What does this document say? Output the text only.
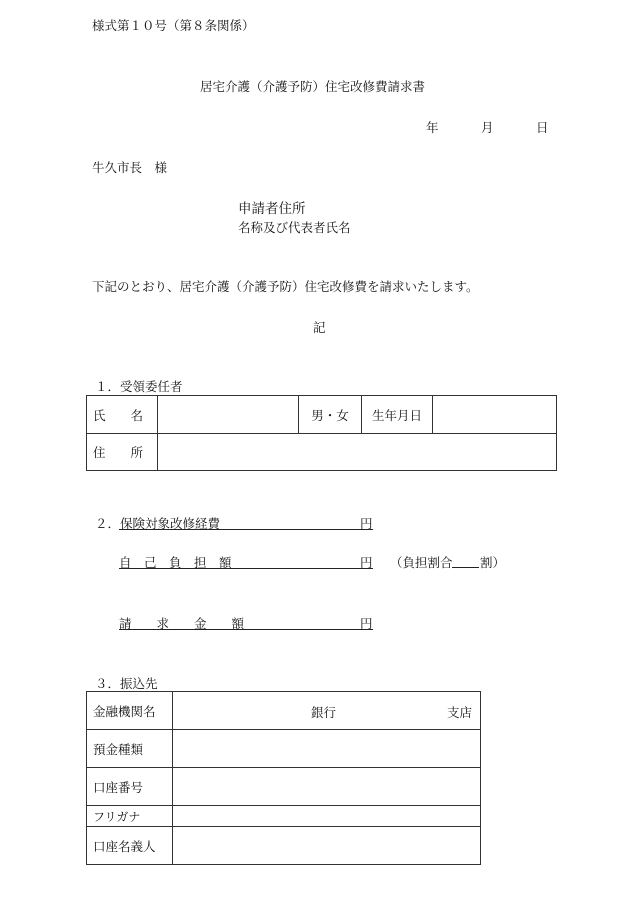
様式第１０号（第８条関係）
居宅介護（介護予防）住宅改修費請求書
年	月	日
牛久市長　様
申請者住所
名称及び代表者氏名
下記のとおり、居宅介護（介護予防）住宅改修費を請求いたします。
記
１．受領委任者
氏　　名		男・女	生年月日	
住　　所				
２．保険対象改修経費	円
自　己　負　担　額	円 （負担割合 割）
請　　求　　金　　額	円
３．振込先
金融機関名	銀行 支店

預金種類	
口座番号	
フリガナ	
口座名義人	
